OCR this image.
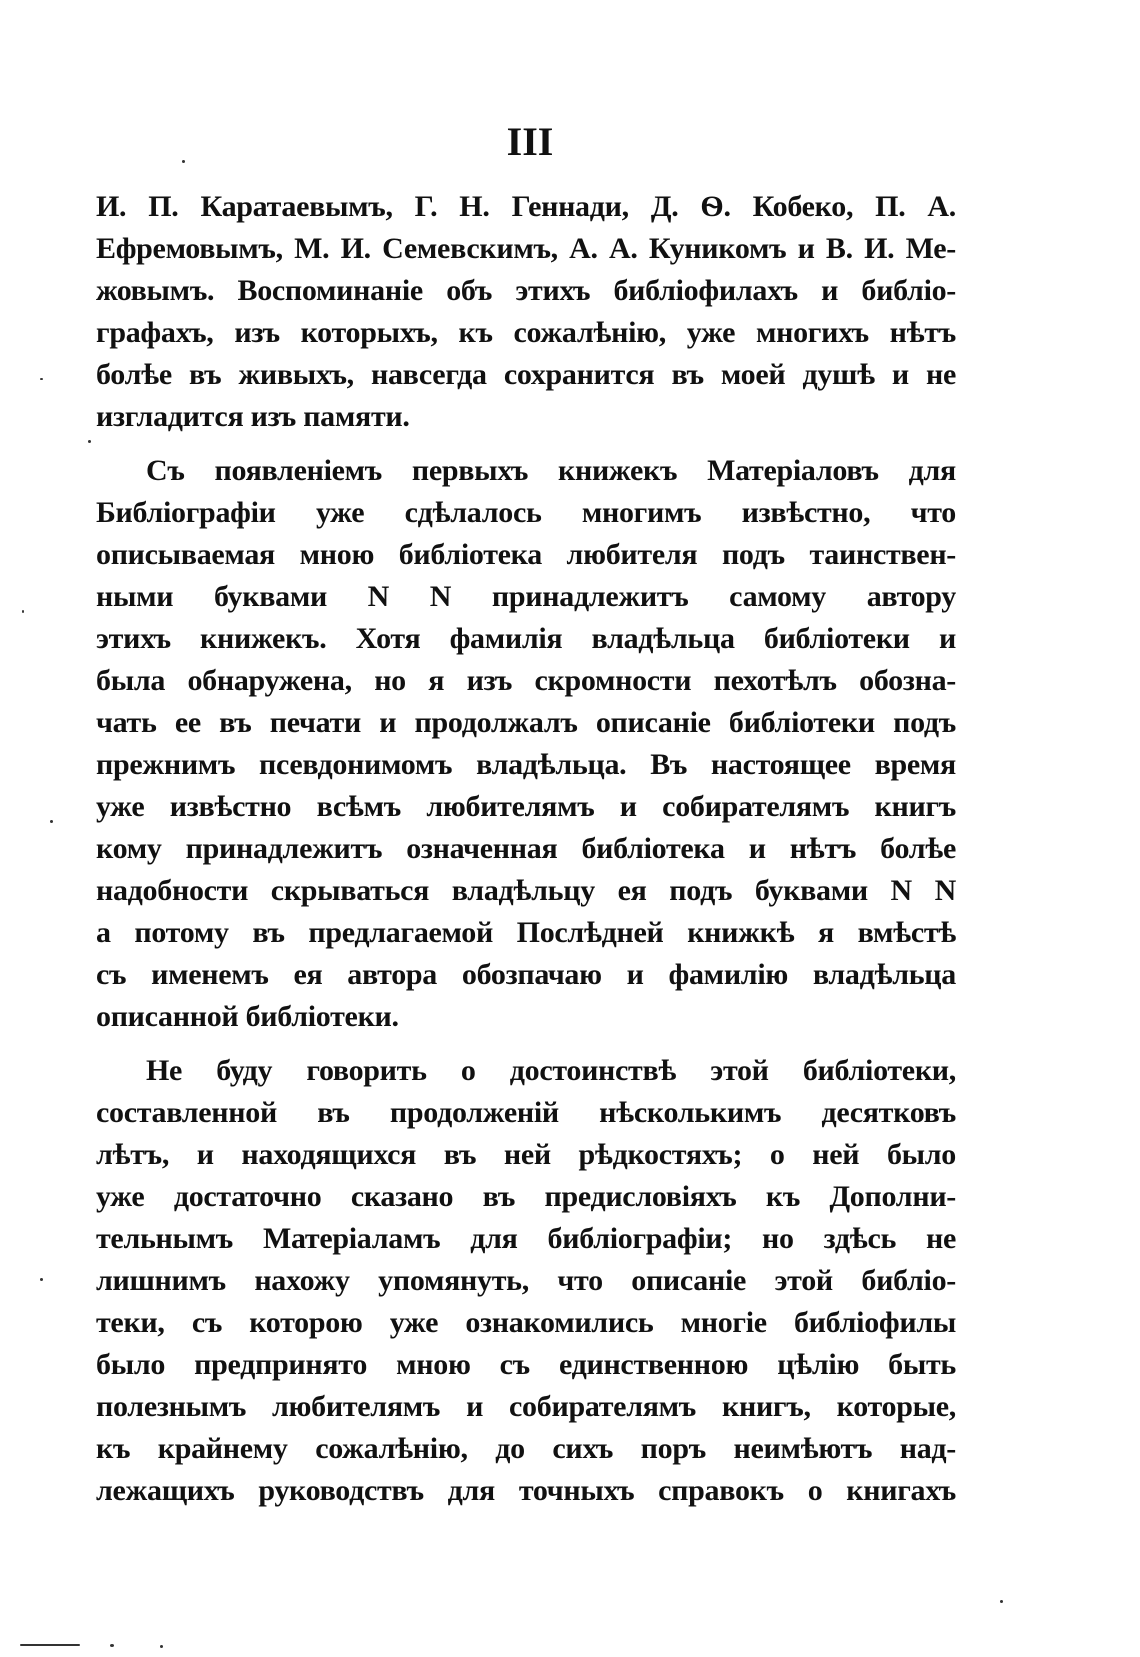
III
И. П. Каратаевымъ, Г. Н. Геннади, Д. Ѳ. Кобеко, П. А.
Ефремовымъ, М. И. Семевскимъ, А. А. Куникомъ и В. И. Ме-
жовымъ. Воспоминаніе объ этихъ библіофилахъ и библіо-
графахъ, изъ которыхъ, къ сожалѣнію, уже многихъ нѣтъ
болѣе въ живыхъ, навсегда сохранится въ моей душѣ и не
изгладится изъ памяти.
Съ появленіемъ первыхъ книжекъ Матеріаловъ для
Библіографіи уже сдѣлалось многимъ извѣстно, что
описываемая мною библіотека любителя подъ таинствен-
ными буквами N N принадлежитъ самому автору
этихъ книжекъ. Хотя фамилія владѣльца библіотеки и
была обнаружена, но я изъ скромности пехотѣлъ обозна-
чать ее въ печати и продолжалъ описаніе библіотеки подъ
прежнимъ псевдонимомъ владѣльца. Въ настоящее время
уже извѣстно всѣмъ любителямъ и собирателямъ книгъ
кому принадлежитъ означенная библіотека и нѣтъ болѣе
надобности скрываться владѣльцу ея подъ буквами N N
а потому въ предлагаемой Послѣдней книжкѣ я вмѣстѣ
съ именемъ ея автора обозпачаю и фамилію владѣльца
описанной библіотеки.
Не буду говорить о достоинствѣ этой библіотеки,
составленной въ продолженій нѣсколькимъ десятковъ
лѣтъ, и находящихся въ ней рѣдкостяхъ; о ней было
уже достаточно сказано въ предисловіяхъ къ Дополни-
тельнымъ Матеріаламъ для библіографіи; но здѣсь не
лишнимъ нахожу упомянуть, что описаніе этой библіо-
теки, съ которою уже ознакомились многіе библіофилы
было предпринято мною съ единственною цѣлію быть
полезнымъ любителямъ и собирателямъ книгъ, которые,
къ крайнему сожалѣнію, до сихъ поръ неимѣютъ над-
лежащихъ руководствъ для точныхъ справокъ о книгахъ
